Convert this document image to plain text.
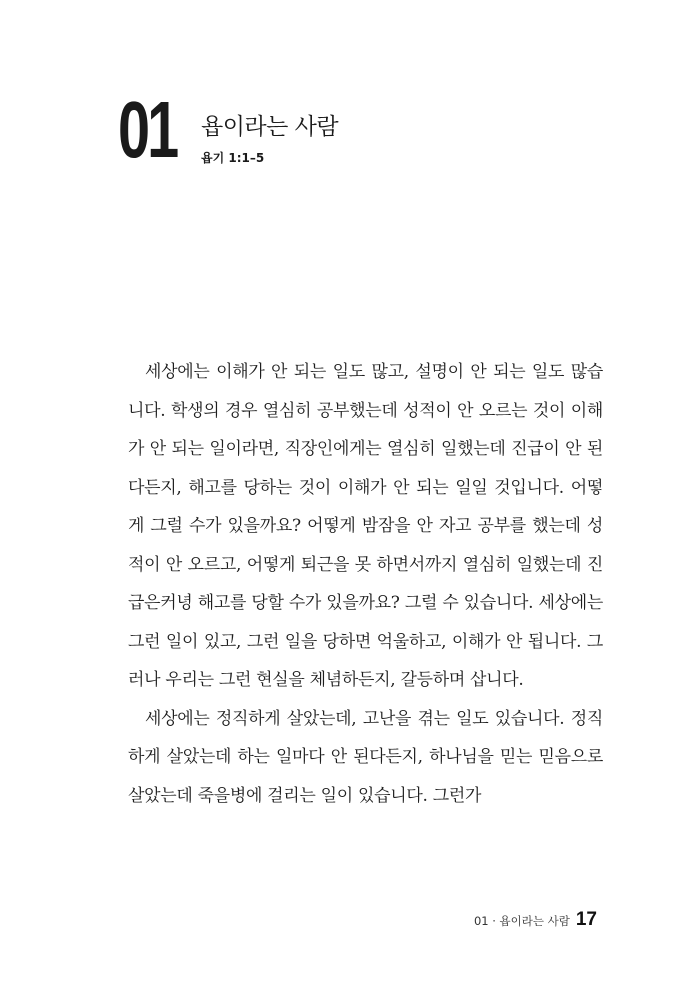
01 욥이라는 사람
욥기 1:1–5

세상에는 이해가 안 되는 일도 많고, 설명이 안 되는 일도 많습니다. 학생의 경우 열심히 공부했는데 성적이 안 오르는 것이 이해가 안 되는 일이라면, 직장인에게는 열심히 일했는데 진급이 안 된다든지, 해고를 당하는 것이 이해가 안 되는 일일 것입니다. 어떻게 그럴 수가 있을까요? 어떻게 밤잠을 안 자고 공부를 했는데 성적이 안 오르고, 어떻게 퇴근을 못 하면서까지 열심히 일했는데 진급은커녕 해고를 당할 수가 있을까요? 그럴 수 있습니다. 세상에는 그런 일이 있고, 그런 일을 당하면 억울하고, 이해가 안 됩니다. 그러나 우리는 그런 현실을 체념하든지, 갈등하며 삽니다.

세상에는 정직하게 살았는데, 고난을 겪는 일도 있습니다. 정직하게 살았는데 하는 일마다 안 된다든지, 하나님을 믿는 믿음으로 살았는데 죽을병에 걸리는 일이 있습니다. 그런가

01 · 욥이라는 사람 17
